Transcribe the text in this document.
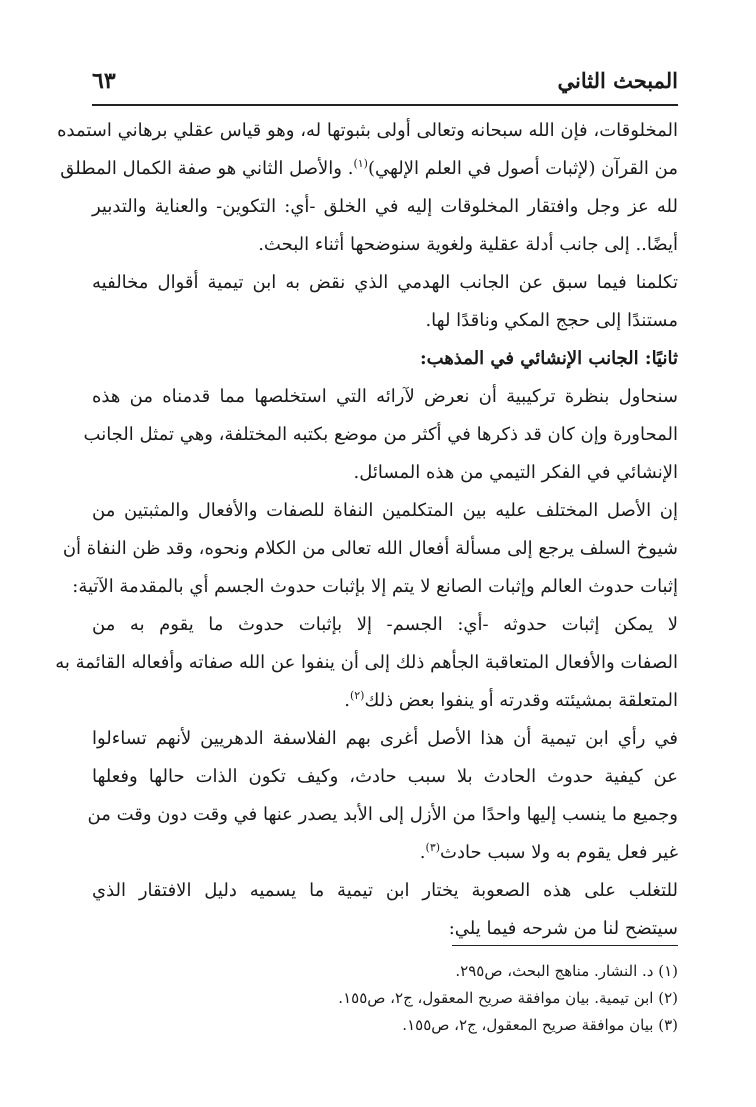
المبحث الثاني
٦٣
المخلوقات، فإن الله سبحانه وتعالى أولى بثبوتها له، وهو قياس عقلي برهاني استمده
من القرآن (لإثبات أصول في العلم الإلهي)$^{(١)}$. والأصل الثاني هو صفة الكمال المطلق
لله عز وجل وافتقار المخلوقات إليه في الخلق -أي: التكوين- والعناية والتدبير
أيضًا.. إلى جانب أدلة عقلية ولغوية سنوضحها أثناء البحث.
تكلمنا فيما سبق عن الجانب الهدمي الذي نقض به ابن تيمية أقوال مخالفيه
مستندًا إلى حجج المكي وناقدًا لها.
ثانيًا: الجانب الإنشائي في المذهب:
سنحاول بنظرة تركيبية أن نعرض لآرائه التي استخلصها مما قدمناه من هذه
المحاورة وإن كان قد ذكرها في أكثر من موضع بكتبه المختلفة، وهي تمثل الجانب
الإنشائي في الفكر التيمي من هذه المسائل.
إن الأصل المختلف عليه بين المتكلمين النفاة للصفات والأفعال والمثبتين من
شيوخ السلف يرجع إلى مسألة أفعال الله تعالى من الكلام ونحوه، وقد ظن النفاة أن
إثبات حدوث العالم وإثبات الصانع لا يتم إلا بإثبات حدوث الجسم أي بالمقدمة الآتية:
لا يمكن إثبات حدوثه -أي: الجسم- إلا بإثبات حدوث ما يقوم به من
الصفات والأفعال المتعاقبة الجأهم ذلك إلى أن ينفوا عن الله صفاته وأفعاله القائمة به
المتعلقة بمشيئته وقدرته أو ينفوا بعض ذلك$^{(٢)}$.
في رأي ابن تيمية أن هذا الأصل أغرى بهم الفلاسفة الدهريين لأنهم تساءلوا
عن كيفية حدوث الحادث بلا سبب حادث، وكيف تكون الذات حالها وفعلها
وجميع ما ينسب إليها واحدًا من الأزل إلى الأبد يصدر عنها في وقت دون وقت من
غير فعل يقوم به ولا سبب حادث$^{(٣)}$.
للتغلب على هذه الصعوبة يختار ابن تيمية ما يسميه دليل الافتقار الذي
سيتضح لنا من شرحه فيما يلي:
(١) د. النشار. مناهج البحث، ص٢٩٥.
(٢) ابن تيمية. بيان موافقة صريح المعقول، ج٢، ص١٥٥.
(٣) بيان موافقة صريح المعقول، ج٢، ص١٥٥.
